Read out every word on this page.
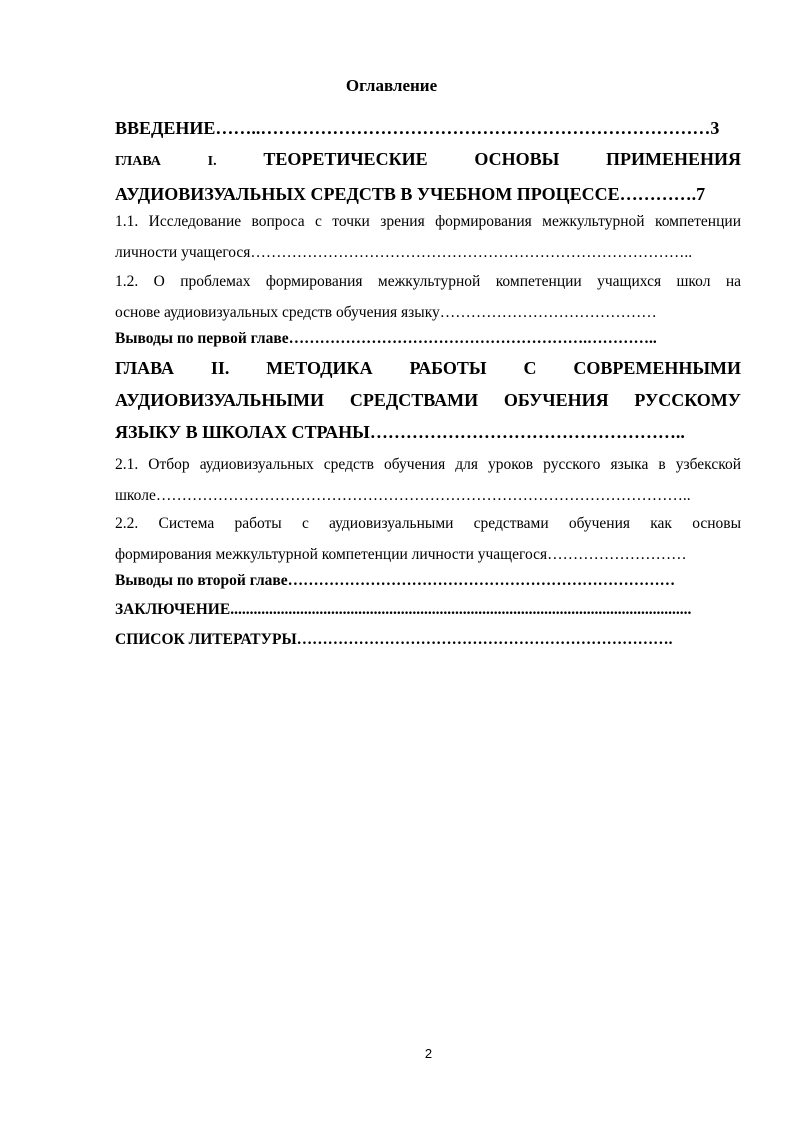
Оглавление
ВВЕДЕНИЕ……..…………………………………………………………………3
ГЛАВА	I.	ТЕОРЕТИЧЕСКИЕ	ОСНОВЫ	ПРИМЕНЕНИЯ
АУДИОВИЗУАЛЬНЫХ СРЕДСТВ В УЧЕБНОМ ПРОЦЕССЕ………….7
1.1. Исследование вопроса с точки зрения формирования межкультурной компетенции
личности учащегося…………………………………………………………………………..
1.2. О проблемах формирования межкультурной компетенции учащихся школ на
основе аудиовизуальных средств обучения языку……………………………………
Выводы по первой главе………………………………………………….…………..
ГЛАВА II. МЕТОДИКА РАБОТЫ С СОВРЕМЕННЫМИ
АУДИОВИЗУАЛЬНЫМИ СРЕДСТВАМИ ОБУЧЕНИЯ РУССКОМУ
ЯЗЫКУ В ШКОЛАХ СТРАНЫ……………………………………………..
2.1. Отбор аудиовизуальных средств обучения для уроков русского языка в узбекской
школе…………………………………………………………………………………………..
2.2. Система работы с аудиовизуальными средствами обучения как основы
формирования межкультурной компетенции личности учащегося………………………
Выводы по второй главе…………………………………………………………………
ЗАКЛЮЧЕНИЕ.......................................................................................................................
СПИСОК ЛИТЕРАТУРЫ……………………………………………………………….
2
